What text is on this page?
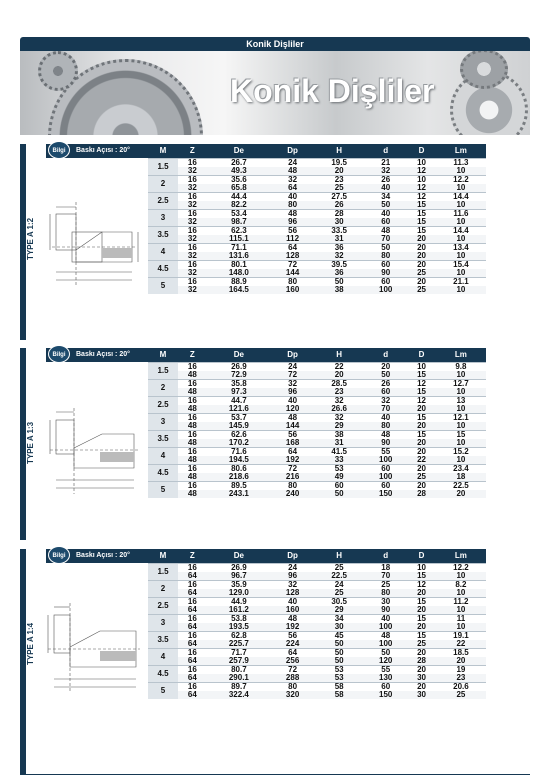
Konik Dişliler
Konik Dişliler
TYPE A 1:2
Bilgi	Baskı Açısı : 20°	M	Z	De	Dp	H	d	D	Lm
1.5	16	26.7	24	19.5	21	10	11.3
	32	49.3	48	20	32	12	10
2	16	35.6	32	23	26	10	12.2
	32	65.8	64	25	40	12	10
2.5	16	44.4	40	27.5	34	12	14.4
	32	82.2	80	26	50	15	10
3	16	53.4	48	28	40	15	11.6
	32	98.7	96	30	60	15	10
3.5	16	62.3	56	33.5	48	15	14.4
	32	115.1	112	31	70	20	10
4	16	71.1	64	36	50	20	13.4
	32	131.6	128	32	80	20	10
4.5	16	80.1	72	39.5	60	20	15.4
	32	148.0	144	36	90	25	10
5	16	88.9	80	50	60	20	21.1
	32	164.5	160	38	100	25	10
TYPE A 1:3
Bilgi	Baskı Açısı : 20°	M	Z	De	Dp	H	d	D	Lm
1.5	16	26.9	24	22	20	10	9.8
	48	72.9	72	20	50	15	10
2	16	35.8	32	28.5	26	12	12.7
	48	97.3	96	23	60	15	10
2.5	16	44.7	40	32	32	12	13
	48	121.6	120	26.6	70	20	10
3	16	53.7	48	32	40	15	12.1
	48	145.9	144	29	80	20	10
3.5	16	62.6	56	38	48	15	15
	48	170.2	168	31	90	20	10
4	16	71.6	64	41.5	55	20	15.2
	48	194.5	192	33	100	22	10
4.5	16	80.6	72	53	60	20	23.4
	48	218.6	216	49	100	25	18
5	16	89.5	80	60	60	20	22.5
	48	243.1	240	50	150	28	20
TYPE A 1:4
Bilgi	Baskı Açısı : 20°	M	Z	De	Dp	H	d	D	Lm
1.5	16	26.9	24	25	18	10	12.2
	64	96.7	96	22.5	70	15	10
2	16	35.9	32	24	25	12	8.2
	64	129.0	128	25	80	20	10
2.5	16	44.9	40	30.5	30	15	11.2
	64	161.2	160	29	90	20	10
3	16	53.8	48	34	40	15	11
	64	193.5	192	30	100	20	10
3.5	16	62.8	56	45	48	15	19.1
	64	225.7	224	50	100	25	22
4	16	71.7	64	50	50	20	18.5
	64	257.9	256	50	120	28	20
4.5	16	80.7	72	53	55	20	19
	64	290.1	288	53	130	30	23
5	16	89.7	80	58	60	20	20.6
	64	322.4	320	58	150	30	25
